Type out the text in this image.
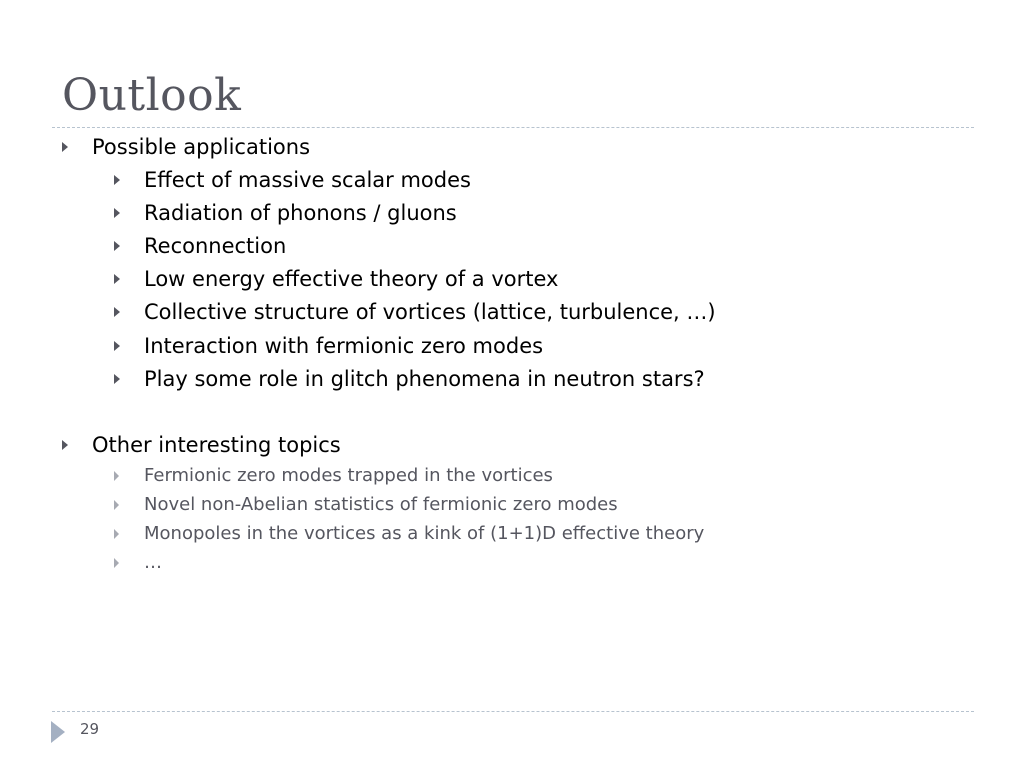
Outlook
Possible applications
Effect of massive scalar modes
Radiation of phonons / gluons
Reconnection
Low energy effective theory of a vortex
Collective structure of vortices (lattice, turbulence, …)
Interaction with fermionic zero modes
Play some role in glitch phenomena in neutron stars?
Other interesting topics
Fermionic zero modes trapped in the vortices
Novel non-Abelian statistics of fermionic zero modes
Monopoles in the vortices as a kink of (1+1)D effective theory
…
29
